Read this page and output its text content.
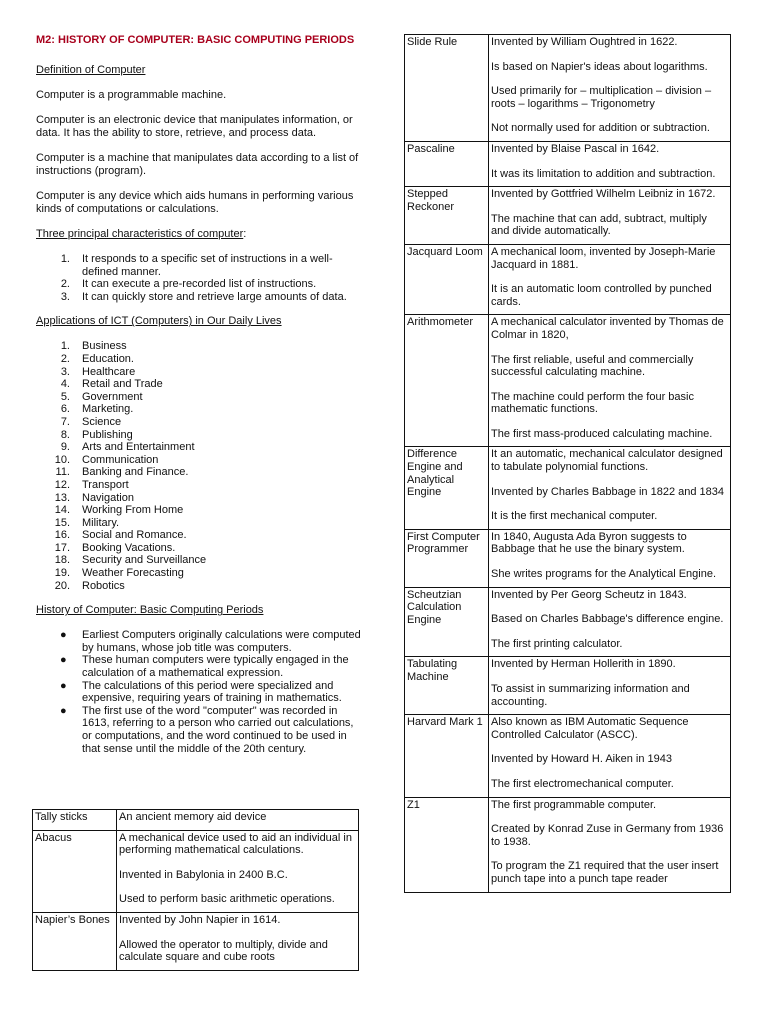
M2: HISTORY OF COMPUTER: BASIC COMPUTING PERIODS

Definition of Computer

Computer is a programmable machine.

Computer is an electronic device that manipulates information, or data. It has the ability to store, retrieve, and process data.

Computer is a machine that manipulates data according to a list of instructions (program).

Computer is any device which aids humans in performing various kinds of computations or calculations.

Three principal characteristics of computer:

1. It responds to a specific set of instructions in a well-defined manner.
2. It can execute a pre-recorded list of instructions.
3. It can quickly store and retrieve large amounts of data.

Applications of ICT (Computers) in Our Daily Lives

1. Business
2. Education.
3. Healthcare
4. Retail and Trade
5. Government
6. Marketing.
7. Science
8. Publishing
9. Arts and Entertainment
10. Communication
11. Banking and Finance.
12. Transport
13. Navigation
14. Working From Home
15. Military.
16. Social and Romance.
17. Booking Vacations.
18. Security and Surveillance
19. Weather Forecasting
20. Robotics

History of Computer: Basic Computing Periods

● Earliest Computers originally calculations were computed by humans, whose job title was computers.
● These human computers were typically engaged in the calculation of a mathematical expression.
● The calculations of this period were specialized and expensive, requiring years of training in mathematics.
● The first use of the word "computer" was recorded in 1613, referring to a person who carried out calculations, or computations, and the word continued to be used in that sense until the middle of the 20th century.
Tally sticks	An ancient memory aid device

Abacus	A mechanical device used to aid an individual in performing mathematical calculations.

Invented in Babylonia in 2400 B.C.

Used to perform basic arithmetic operations.

Napier’s Bones	Invented by John Napier in 1614.

Allowed the operator to multiply, divide and calculate square and cube roots

Slide Rule	Invented by William Oughtred in 1622.

Is based on Napier's ideas about logarithms.

Used primarily for – multiplication – division – roots – logarithms – Trigonometry

Not normally used for addition or subtraction.

Pascaline	Invented by Blaise Pascal in 1642.

It was its limitation to addition and subtraction.

Stepped Reckoner	Invented by Gottfried Wilhelm Leibniz in 1672.

The machine that can add, subtract, multiply and divide automatically.

Jacquard Loom	A mechanical loom, invented by Joseph-Marie Jacquard in 1881.

It is an automatic loom controlled by punched cards.

Arithmometer	A mechanical calculator invented by Thomas de Colmar in 1820,

The first reliable, useful and commercially successful calculating machine.

The machine could perform the four basic mathematic functions.

The first mass-produced calculating machine.

Difference Engine and Analytical Engine	It an automatic, mechanical calculator designed to tabulate polynomial functions.

Invented by Charles Babbage in 1822 and 1834

It is the first mechanical computer.

First Computer Programmer	In 1840, Augusta Ada Byron suggests to Babbage that he use the binary system.

She writes programs for the Analytical Engine.

Scheutzian Calculation Engine	Invented by Per Georg Scheutz in 1843.

Based on Charles Babbage's difference engine.

The first printing calculator.

Tabulating Machine	Invented by Herman Hollerith in 1890.

To assist in summarizing information and accounting.

Harvard Mark 1	Also known as IBM Automatic Sequence Controlled Calculator (ASCC).

Invented by Howard H. Aiken in 1943

The first electromechanical computer.

Z1	The first programmable computer.

Created by Konrad Zuse in Germany from 1936 to 1938.

To program the Z1 required that the user insert punch tape into a punch tape reader
